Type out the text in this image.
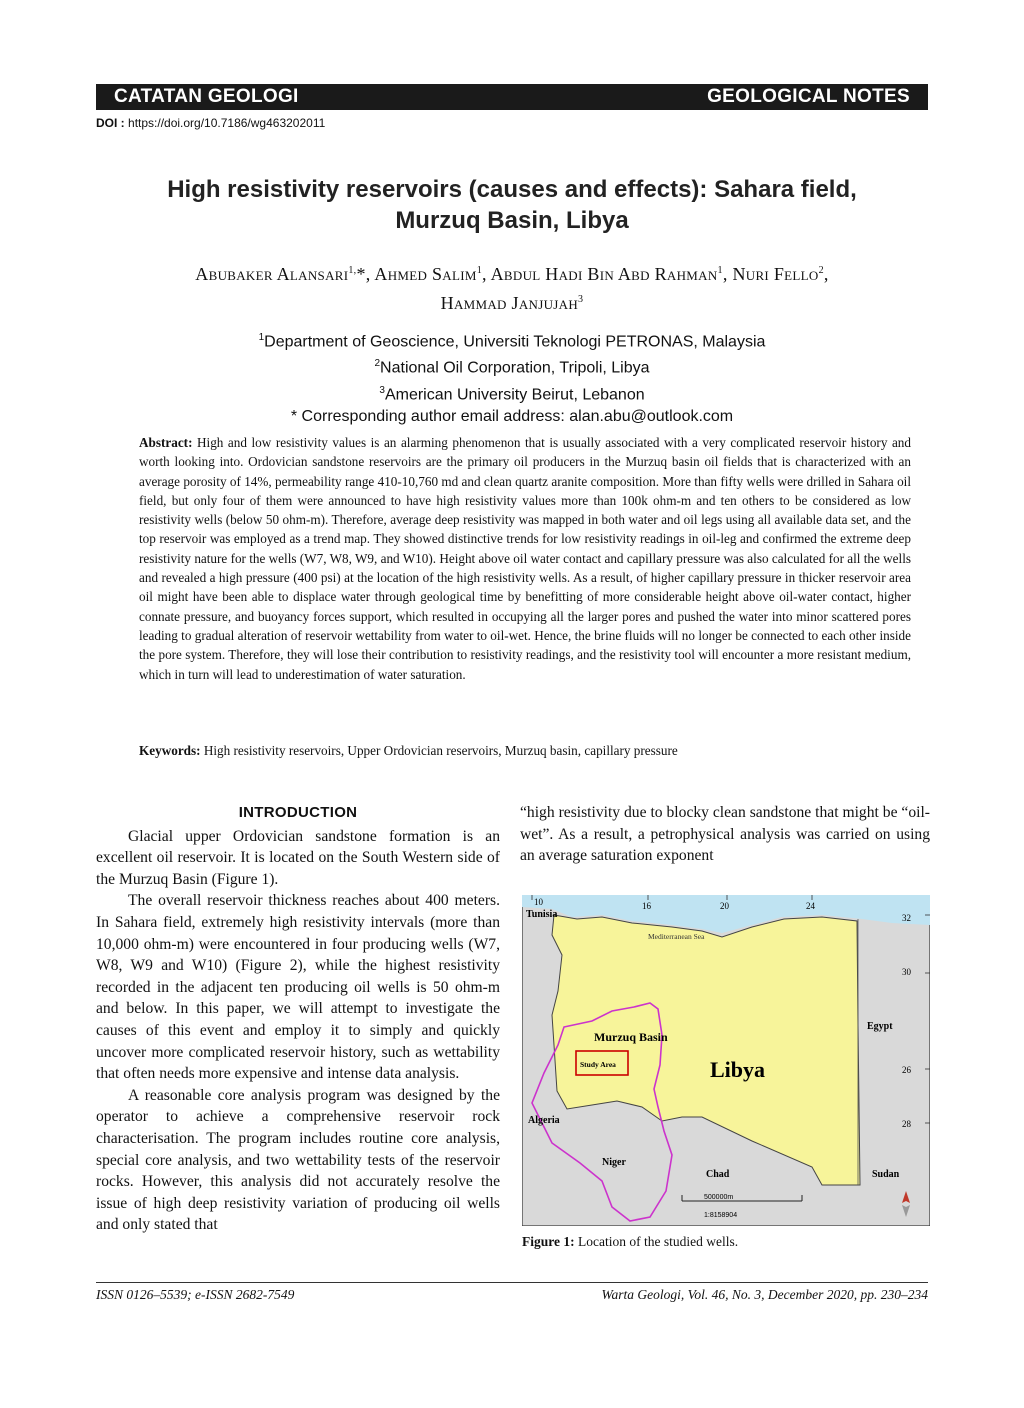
CATATAN GEOLOGI	GEOLOGICAL NOTES
DOI : https://doi.org/10.7186/wg463202011
High resistivity reservoirs (causes and effects): Sahara field,
Murzuq Basin, Libya
Abubaker Alansari$^{1,}$*, Ahmed Salim$^1$, Abdul Hadi Bin Abd Rahman$^1$, Nuri Fello$^2$,
Hammad Janjujah$^3$
$^1$Department of Geoscience, Universiti Teknologi PETRONAS, Malaysia
$^2$National Oil Corporation, Tripoli, Libya
$^3$American University Beirut, Lebanon
* Corresponding author email address: alan.abu@outlook.com
Abstract: High and low resistivity values is an alarming phenomenon that is usually associated with a very complicated reservoir history and worth looking into. Ordovician sandstone reservoirs are the primary oil producers in the Murzuq basin oil fields that is characterized with an average porosity of 14%, permeability range 410-10,760 md and clean quartz aranite composition. More than fifty wells were drilled in Sahara oil field, but only four of them were announced to have high resistivity values more than 100k ohm-m and ten others to be considered as low resistivity wells (below 50 ohm-m). Therefore, average deep resistivity was mapped in both water and oil legs using all available data set, and the top reservoir was employed as a trend map. They showed distinctive trends for low resistivity readings in oil-leg and confirmed the extreme deep resistivity nature for the wells (W7, W8, W9, and W10). Height above oil water contact and capillary pressure was also calculated for all the wells and revealed a high pressure (400 psi) at the location of the high resistivity wells. As a result, of higher capillary pressure in thicker reservoir area oil might have been able to displace water through geological time by benefitting of more considerable height above oil-water contact, higher connate pressure, and buoyancy forces support, which resulted in occupying all the larger pores and pushed the water into minor scattered pores leading to gradual alteration of reservoir wettability from water to oil-wet. Hence, the brine fluids will no longer be connected to each other inside the pore system. Therefore, they will lose their contribution to resistivity readings, and the resistivity tool will encounter a more resistant medium, which in turn will lead to underestimation of water saturation.
Keywords: High resistivity reservoirs, Upper Ordovician reservoirs, Murzuq basin, capillary pressure
INTRODUCTION

Glacial upper Ordovician sandstone formation is an excellent oil reservoir. It is located on the South Western side of the Murzuq Basin (Figure 1).

The overall reservoir thickness reaches about 400 meters. In Sahara field, extremely high resistivity intervals (more than 10,000 ohm-m) were encountered in four producing wells (W7, W8, W9 and W10) (Figure 2), while the highest resistivity recorded in the adjacent ten producing oil wells is 50 ohm-m and below. In this paper, we will attempt to investigate the causes of this event and employ it to simply and quickly uncover more complicated reservoir history, such as wettability that often needs more expensive and intense data analysis.

A reasonable core analysis program was designed by the operator to achieve a comprehensive reservoir rock characterisation. The program includes routine core analysis, special core analysis, and two wettability tests of the reservoir rocks. However, this analysis did not accurately resolve the issue of high deep resistivity variation of producing oil wells and only stated that

“high resistivity due to blocky clean sandstone that might be “oil-wet”. As a result, a petrophysical analysis was carried on using an average saturation exponent

10	16	20	24
32
30
26
28
Study Area
Tunisia
Mediterranean Sea
Murzuq Basin
Libya
Egypt
Algeria
Niger
Chad	Sudan
500000m
1:8158904
Figure 1: Location of the studied wells.
ISSN 0126–5539; e-ISSN 2682-7549	Warta Geologi, Vol. 46, No. 3, December 2020, pp. 230–234
